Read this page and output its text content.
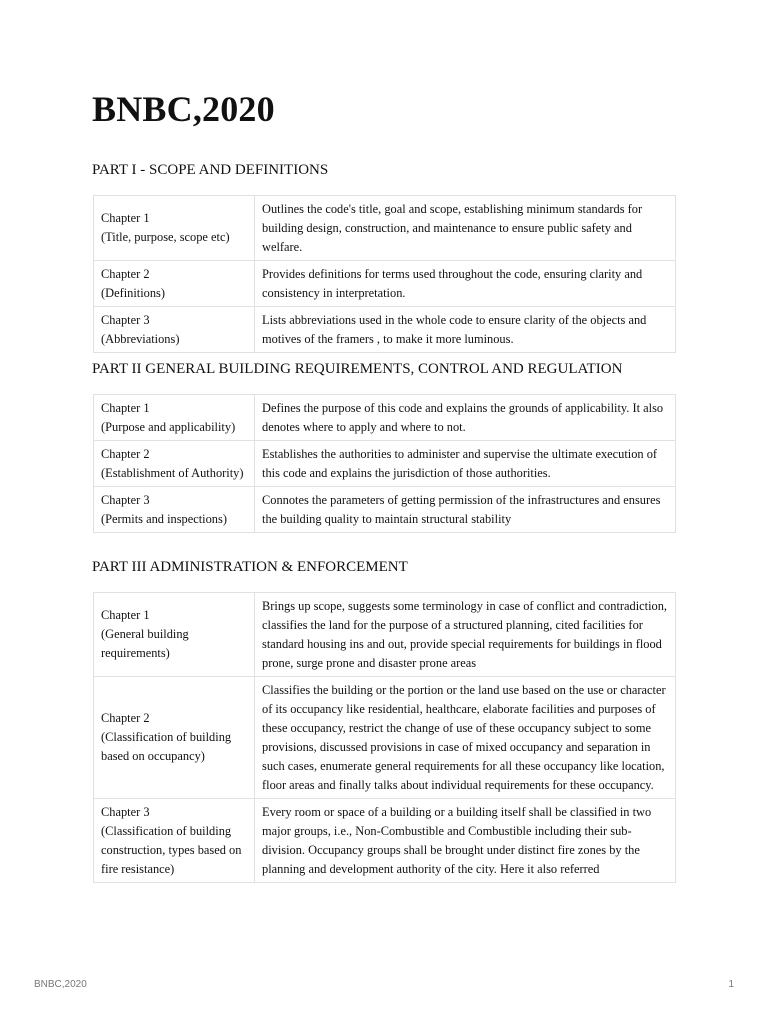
BNBC,2020
PART I - SCOPE AND DEFINITIONS
Chapter 1
(Title, purpose, scope etc)	Outlines the code's title, goal and scope, establishing minimum standards for building design, construction, and maintenance to ensure public safety and welfare.

Chapter 2
(Definitions)	Provides definitions for terms used throughout the code, ensuring clarity and consistency in interpretation.

Chapter 3
(Abbreviations)	Lists abbreviations used in the whole code to ensure clarity of the objects and motives of the framers , to make it more luminous.
PART II GENERAL BUILDING REQUIREMENTS, CONTROL AND REGULATION
Chapter 1
(Purpose and applicability)	Defines the purpose of this code and explains the grounds of applicability. It also denotes where to apply and where to not.

Chapter 2
(Establishment of Authority)	Establishes the authorities to administer and supervise the ultimate execution of this code and explains the jurisdiction of those authorities.

Chapter 3
(Permits and inspections)	Connotes the parameters of getting permission of the infrastructures and ensures the building quality to maintain structural stability
PART III ADMINISTRATION & ENFORCEMENT
Chapter 1
(General building requirements)	Brings up scope, suggests some terminology in case of conflict and contradiction, classifies the land for the purpose of a structured planning, cited facilities for standard housing ins and out, provide special requirements for buildings in flood prone, surge prone and disaster prone areas

Chapter 2
(Classification of building based on occupancy)	Classifies the building or the portion or the land use based on the use or character of its occupancy like residential, healthcare, elaborate facilities and purposes of these occupancy, restrict the change of use of these occupancy subject to some provisions, discussed provisions in case of mixed occupancy and separation in such cases, enumerate general requirements for all these occupancy like location, floor areas and finally talks about individual requirements for these occupancy.

Chapter 3
(Classification of building construction, types based on fire resistance)	Every room or space of a building or a building itself shall be classified in two major groups, i.e., Non-Combustible and Combustible including their sub-division. Occupancy groups shall be brought under distinct fire zones by the planning and development authority of the city. Here it also referred
BNBC,2020	1
